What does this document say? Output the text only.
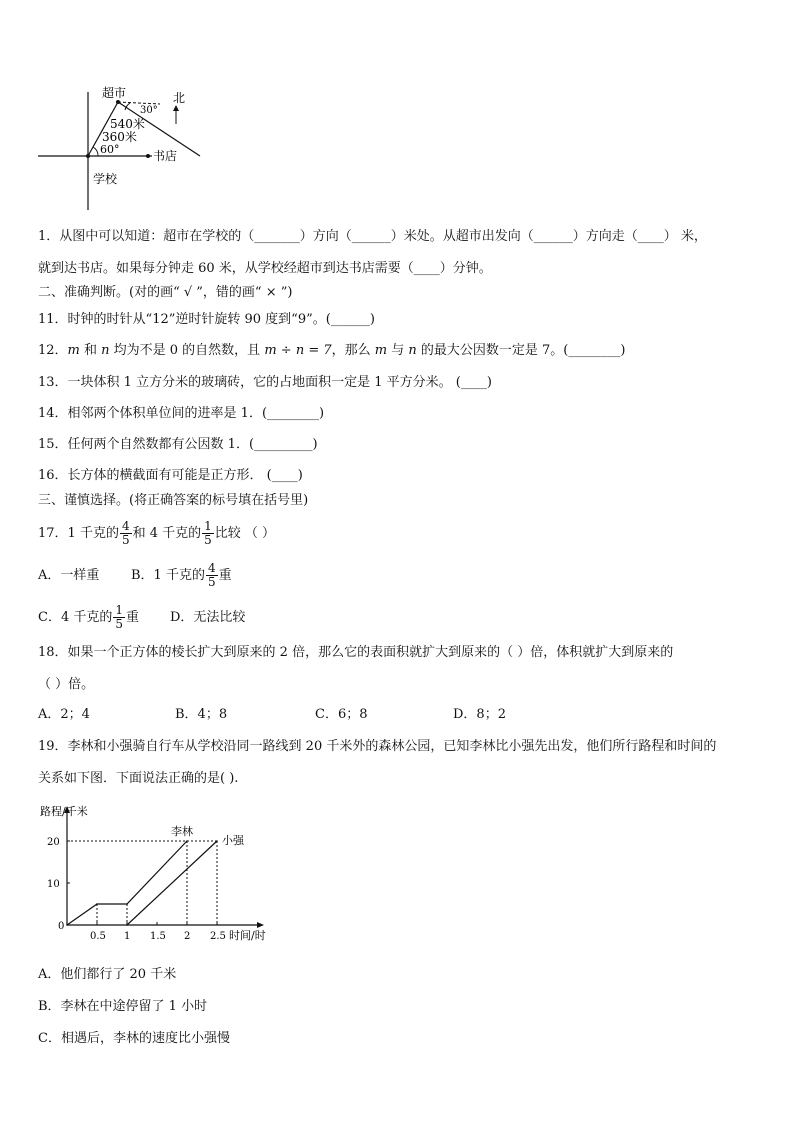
超市
30°
540米
360米
60°	书店
学校
北
1．从图中可以知道：超市在学校的（_______）方向（______）米处。从超市出发向（______）方向走（____） 米，
就到达书店。如果每分钟走 60 米，从学校经超市到达书店需要（____）分钟。
二、准确判断。(对的画“ √ ”，错的画“ × ”)
11．时钟的时针从“12”逆时针旋转 90 度到“9”。(______)
12．m 和 n 均为不是 0 的自然数，且 m ÷ n = 7，那么 m 与 n 的最大公因数一定是 7。(________)
13．一块体积 1 立方分米的玻璃砖，它的占地面积一定是 1 平方分米。 (____)
14．相邻两个体积单位间的进率是 1．(________)
15．任何两个自然数都有公因数 1．(_________)
16．长方体的横截面有可能是正方形． (____)
三、谨慎选择。(将正确答案的标号填在括号里)
17．1 千克的 $\frac{4}{5}$ 和 4 千克的 $\frac{1}{5}$ 比较 （ ）
A．一样重 B．1 千克的 $\frac{4}{5}$ 重
C．4 千克的 $\frac{1}{5}$ 重 D．无法比较
18．如果一个正方体的棱长扩大到原来的 2 倍，那么它的表面积就扩大到原来的（ ）倍，体积就扩大到原来的
（ ）倍。
A．2；4	B．4；8	C．6；8	D．8；2
19．李林和小强骑自行车从学校沿同一路线到 20 千米外的森林公园，已知李林比小强先出发，他们所行路程和时间的
关系如下图．下面说法正确的是( ).
路程/千米
时间/时
0
10
20
0.5 1 1.5 2 2.5
李林
小强
A．他们都行了 20 千米
B．李林在中途停留了 1 小时
C．相遇后，李林的速度比小强慢
